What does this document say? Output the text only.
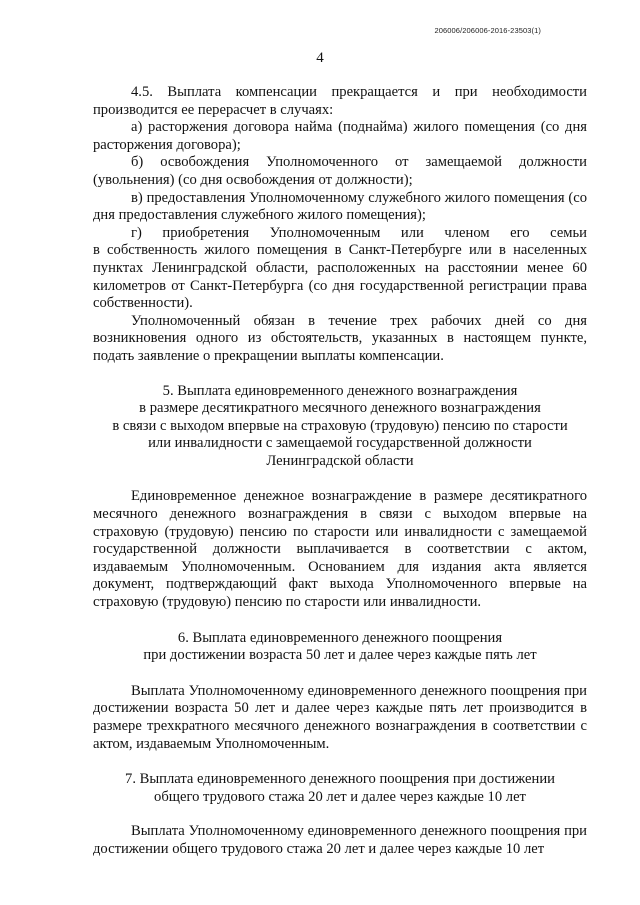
206006/206006-2016-23503(1)
4

4.5. Выплата компенсации прекращается и при необходимости производится ее перерасчет в случаях:

а) расторжения договора найма (поднайма) жилого помещения (со дня расторжения договора);

б) освобождения Уполномоченного от замещаемой должности (увольнения) (со дня освобождения от должности);

в) предоставления Уполномоченному служебного жилого помещения (со дня предоставления служебного жилого помещения);

г) приобретения Уполномоченным или членом его семьи

в собственность жилого помещения в Санкт-Петербурге или в населенных пунктах Ленинградской области, расположенных на расстоянии менее 60 километров от Санкт-Петербурга (со дня государственной регистрации права собственности).

Уполномоченный обязан в течение трех рабочих дней со дня возникновения одного из обстоятельств, указанных в настоящем пункте, подать заявление о прекращении выплаты компенсации.

5. Выплата единовременного денежного вознаграждения
в размере десятикратного месячного денежного вознаграждения
в связи с выходом впервые на страховую (трудовую) пенсию по старости
или инвалидности с замещаемой государственной должности
Ленинградской области

Единовременное денежное вознаграждение в размере десятикратного месячного денежного вознаграждения в связи с выходом впервые на страховую (трудовую) пенсию по старости или инвалидности с замещаемой государственной должности выплачивается в соответствии с актом, издаваемым Уполномоченным. Основанием для издания акта является документ, подтверждающий факт выхода Уполномоченного впервые на страховую (трудовую) пенсию по старости или инвалидности.

6. Выплата единовременного денежного поощрения
при достижении возраста 50 лет и далее через каждые пять лет

Выплата Уполномоченному единовременного денежного поощрения при достижении возраста 50 лет и далее через каждые пять лет производится в размере трехкратного месячного денежного вознаграждения в соответствии с актом, издаваемым Уполномоченным.

7. Выплата единовременного денежного поощрения при достижении
общего трудового стажа 20 лет и далее через каждые 10 лет

Выплата Уполномоченному единовременного денежного поощрения при достижении общего трудового стажа 20 лет и далее через каждые 10 лет
